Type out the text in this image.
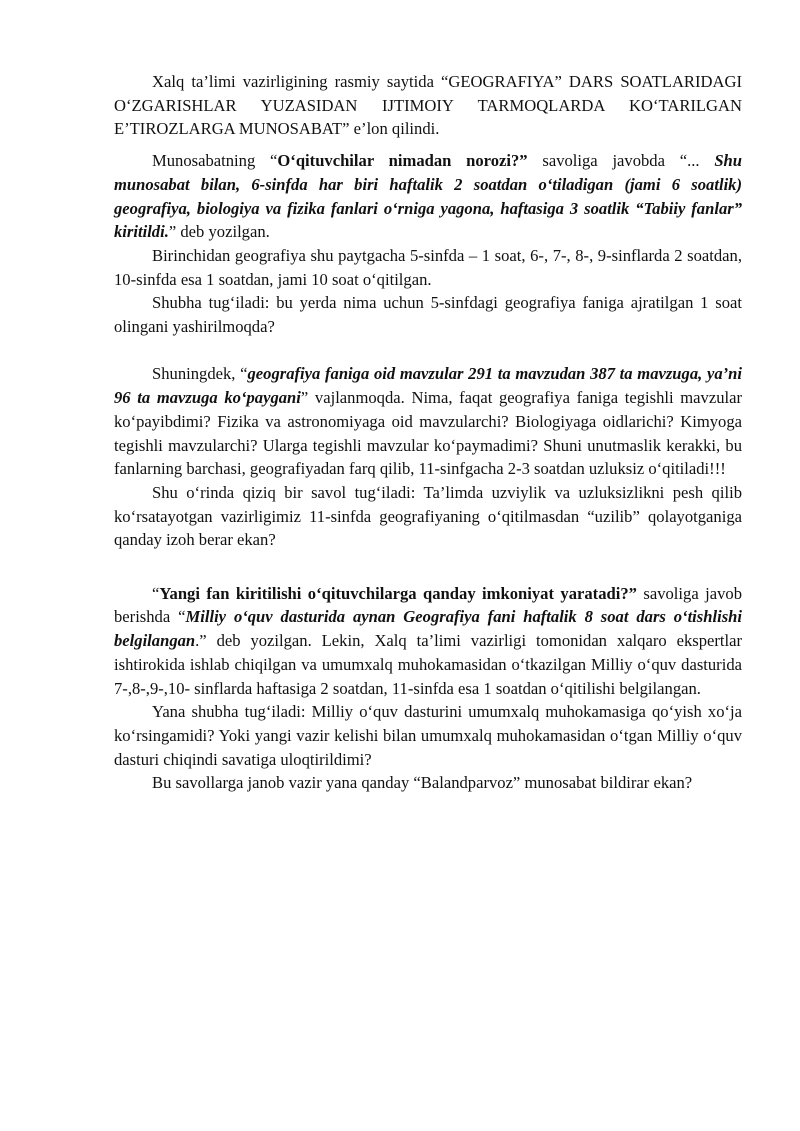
Xalq ta’limi vazirligining rasmiy saytida “GEOGRAFIYA” DARS SOATLARIDAGI O‘ZGARISHLAR YUZASIDAN IJTIMOIY TARMOQLARDA KO‘TARILGAN E’TIROZLARGA MUNOSABAT” e’lon qilindi.

Munosabatning “O‘qituvchilar nimadan norozi?” savoliga javobda “... Shu munosabat bilan, 6-sinfda har biri haftalik 2 soatdan o‘tiladigan (jami 6 soatlik) geografiya, biologiya va fizika fanlari o‘rniga yagona, haftasiga 3 soatlik “Tabiiy fanlar” kiritildi.” deb yozilgan.

Birinchidan geografiya shu paytgacha 5-sinfda – 1 soat, 6-, 7-, 8-, 9-sinflarda 2 soatdan, 10-sinfda esa 1 soatdan, jami 10 soat o‘qitilgan.

Shubha tug‘iladi: bu yerda nima uchun 5-sinfdagi geografiya faniga ajratilgan 1 soat olingani yashirilmoqda?

Shuningdek, “geografiya faniga oid mavzular 291 ta mavzudan 387 ta mavzuga, ya’ni 96 ta mavzuga ko‘paygani” vajlanmoqda. Nima, faqat geografiya faniga tegishli mavzular ko‘payibdimi? Fizika va astronomiyaga oid mavzularchi? Biologiyaga oidlarichi? Kimyoga tegishli mavzularchi? Ularga tegishli mavzular ko‘paymadimi? Shuni unutmaslik kerakki, bu fanlarning barchasi, geografiyadan farq qilib, 11-sinfgacha 2-3 soatdan uzluksiz o‘qitiladi!!!

Shu o‘rinda qiziq bir savol tug‘iladi: Ta’limda uzviylik va uzluksizlikni pesh qilib ko‘rsatayotgan vazirligimiz 11-sinfda geografiyaning o‘qitilmasdan “uzilib” qolayotganiga qanday izoh berar ekan?

“Yangi fan kiritilishi o‘qituvchilarga qanday imkoniyat yaratadi?” savoliga javob berishda “Milliy o‘quv dasturida aynan Geografiya fani haftalik 8 soat dars o‘tishlishi belgilangan.” deb yozilgan. Lekin, Xalq ta’limi vazirligi tomonidan xalqaro ekspertlar ishtirokida ishlab chiqilgan va umumxalq muhokamasidan o‘tkazilgan Milliy o‘quv dasturida 7-,8-,9-,10- sinflarda haftasiga 2 soatdan, 11-sinfda esa 1 soatdan o‘qitilishi belgilangan.

Yana shubha tug‘iladi: Milliy o‘quv dasturini umumxalq muhokamasiga qo‘yish xo‘ja ko‘rsingamidi? Yoki yangi vazir kelishi bilan umumxalq muhokamasidan o‘tgan Milliy o‘quv dasturi chiqindi savatiga uloqtirildimi?

Bu savollarga janob vazir yana qanday “Balandparvoz” munosabat bildirar ekan?
